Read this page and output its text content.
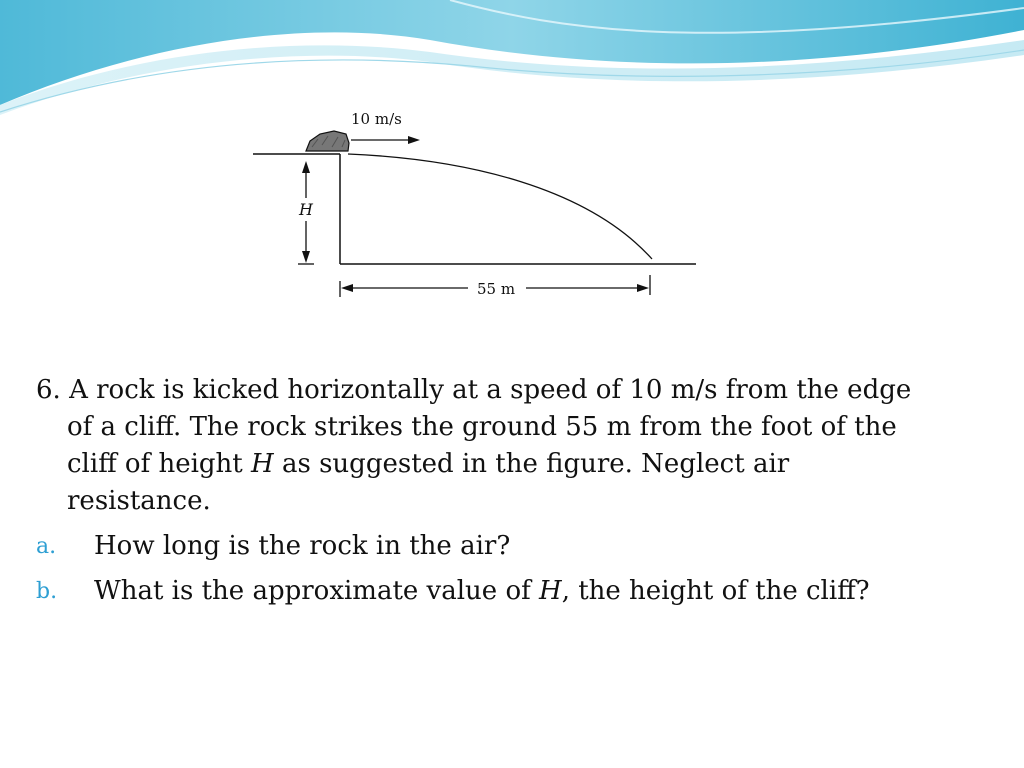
10 m/s
H
55 m

6. A rock is kicked horizontally at a speed of 10 m/s from the edge of a cliff. The rock strikes the ground 55 m from the foot of the cliff of height H as suggested in the figure. Neglect air resistance.

a. How long is the rock in the air?
b. What is the approximate value of H, the height of the cliff?
